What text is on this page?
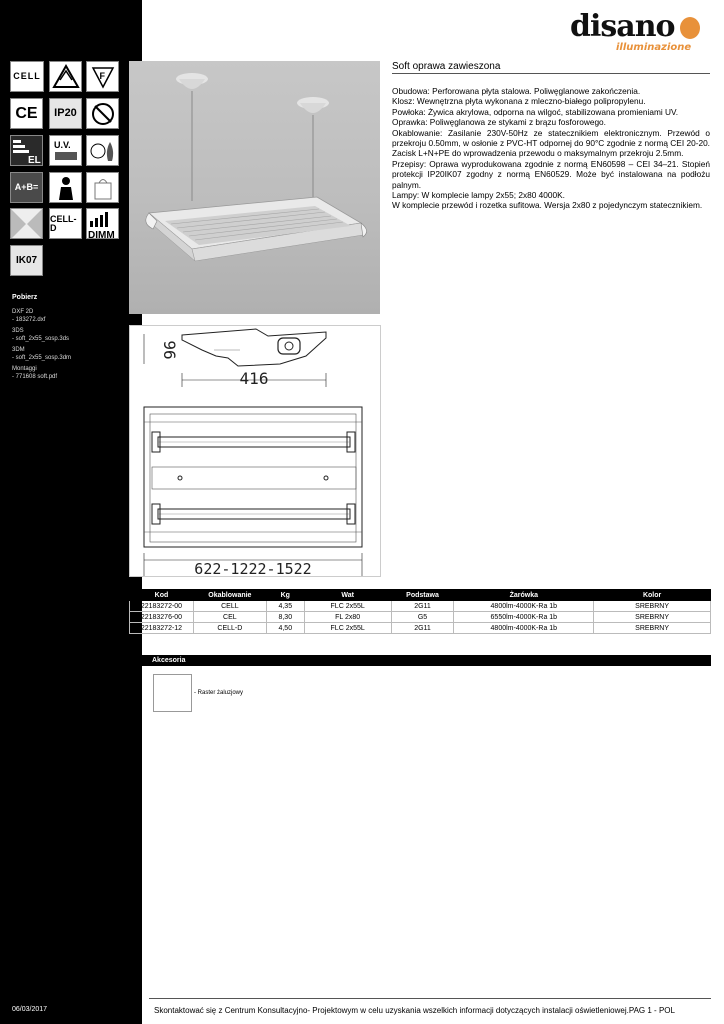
CELL	F
CE IP20
EL
U.V.
A+B=
CELL-D
DIMM
IK07
Pobierz
DXF 2D
- 183272.dxf
3DS
- soft_2x55_sosp.3ds
3DM
- soft_2x55_sosp.3dm
Montaggi
- 771608 soft.pdf
06/03/2017
disano
illuminazione
Soft oprawa zawieszona

Obudowa: Perforowana płyta stalowa. Poliwęglanowe zakończenia.

Klosz: Wewnętrzna płyta wykonana z mleczno-białego polipropylenu.

Powłoka: Żywica akrylowa, odporna na wilgoć, stabilizowana promieniami UV.

Oprawka: Poliwęglanowa ze stykami z brązu fosforowego.

Okablowanie: Zasilanie 230V-50Hz ze statecznikiem elektronicznym. Przewód o przekroju 0.50mm, w osłonie z PVC-HT odpornej do 90°C zgodnie z normą CEI 20-20. Zacisk L+N+PE do wprowadzenia przewodu o maksymalnym przekroju 2.5mm.

Przepisy: Oprawa wyprodukowana zgodnie z normą EN60598 – CEI 34–21. Stopień protekcji IP20IK07 zgodny z normą EN60529. Może być instalowana na podłożu palnym.

Lampy: W komplecie lampy 2x55; 2x80 4000K.

W komplecie przewód i rozetka sufitowa. Wersja 2x80 z pojedynczym statecznikiem.

96
416
622-1222-1522
Kod	Okablowanie	Kg	Wat	Podstawa	Żarówka	Kolor
22183272-00	CELL	4,35	FLC 2x55L	2G11	4800lm-4000K-Ra 1b	SREBRNY
22183276-00	CEL	8,30	FL 2x80	G5	6550lm-4000K-Ra 1b	SREBRNY
22183272-12	CELL-D	4,50	FLC 2x55L	2G11	4800lm-4000K-Ra 1b	SREBRNY
Akcesoria
- Raster żaluzjowy
Skontaktować się z Centrum Konsultacyjno- Projektowym w celu uzyskania wszelkich informacji dotyczących instalacji oświetleniowej.PAG 1 - POL
